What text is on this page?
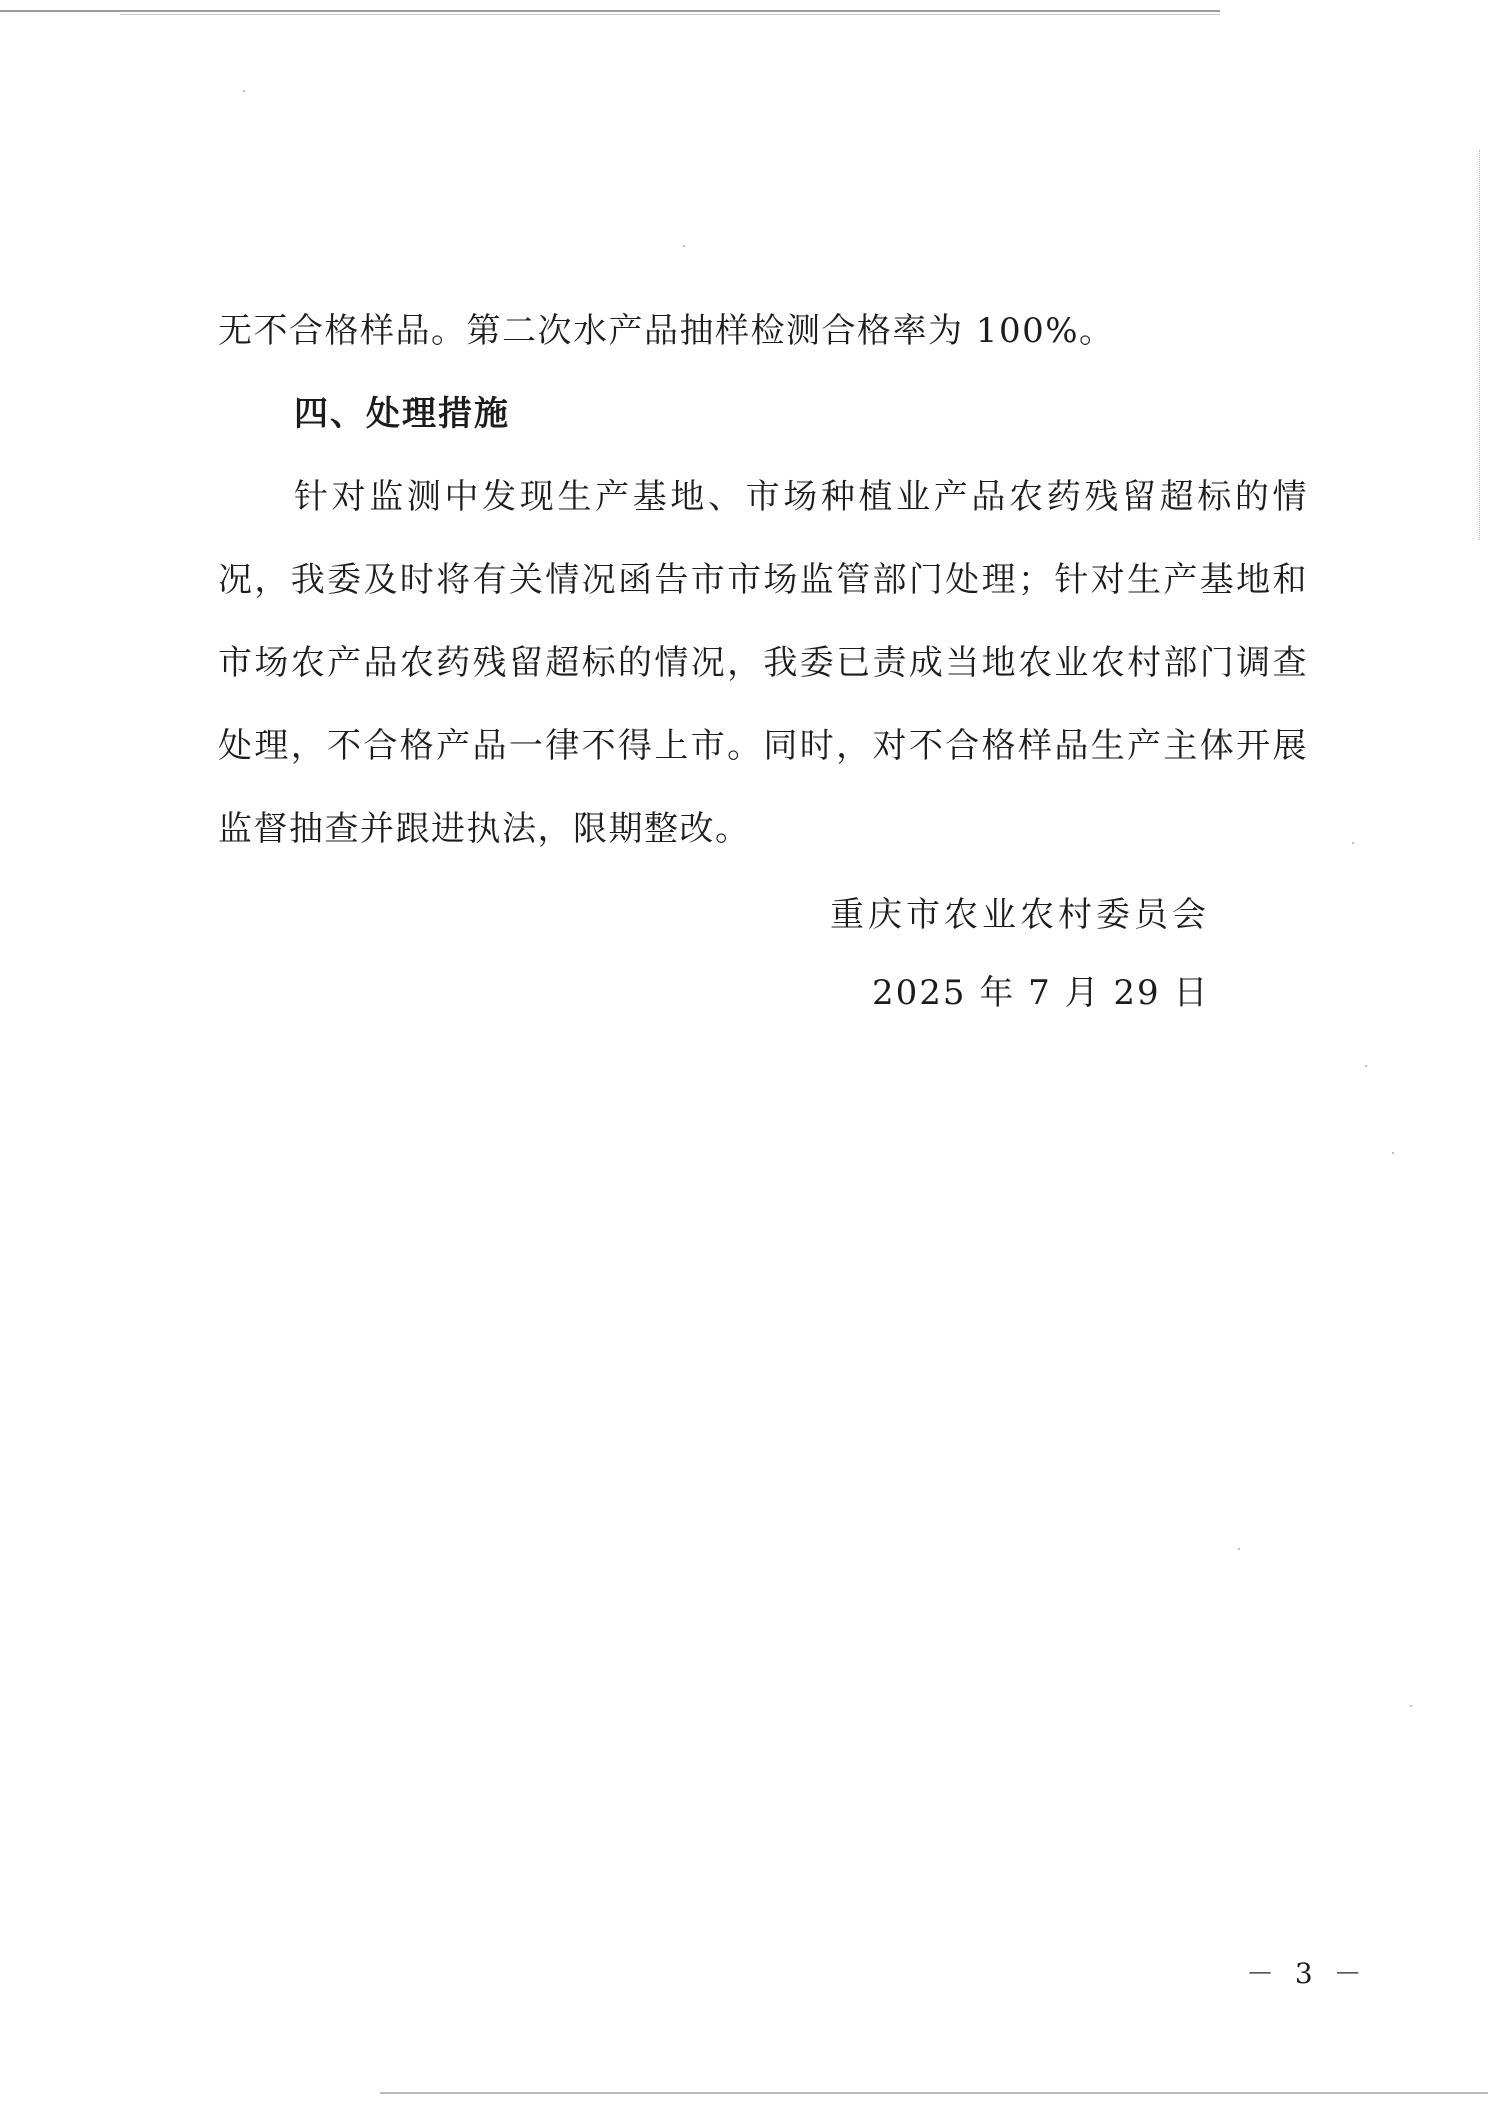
无不合格样品。第二次水产品抽样检测合格率为 100%。

四、处理措施

针对监测中发现生产基地、市场种植业产品农药残留超标的情况，我委及时将有关情况函告市市场监管部门处理；针对生产基地和市场农产品农药残留超标的情况，我委已责成当地农业农村部门调查处理，不合格产品一律不得上市。同时，对不合格样品生产主体开展监督抽查并跟进执法，限期整改。

重庆市农业农村委员会
2025 年 7 月 29 日
－ 3 －
